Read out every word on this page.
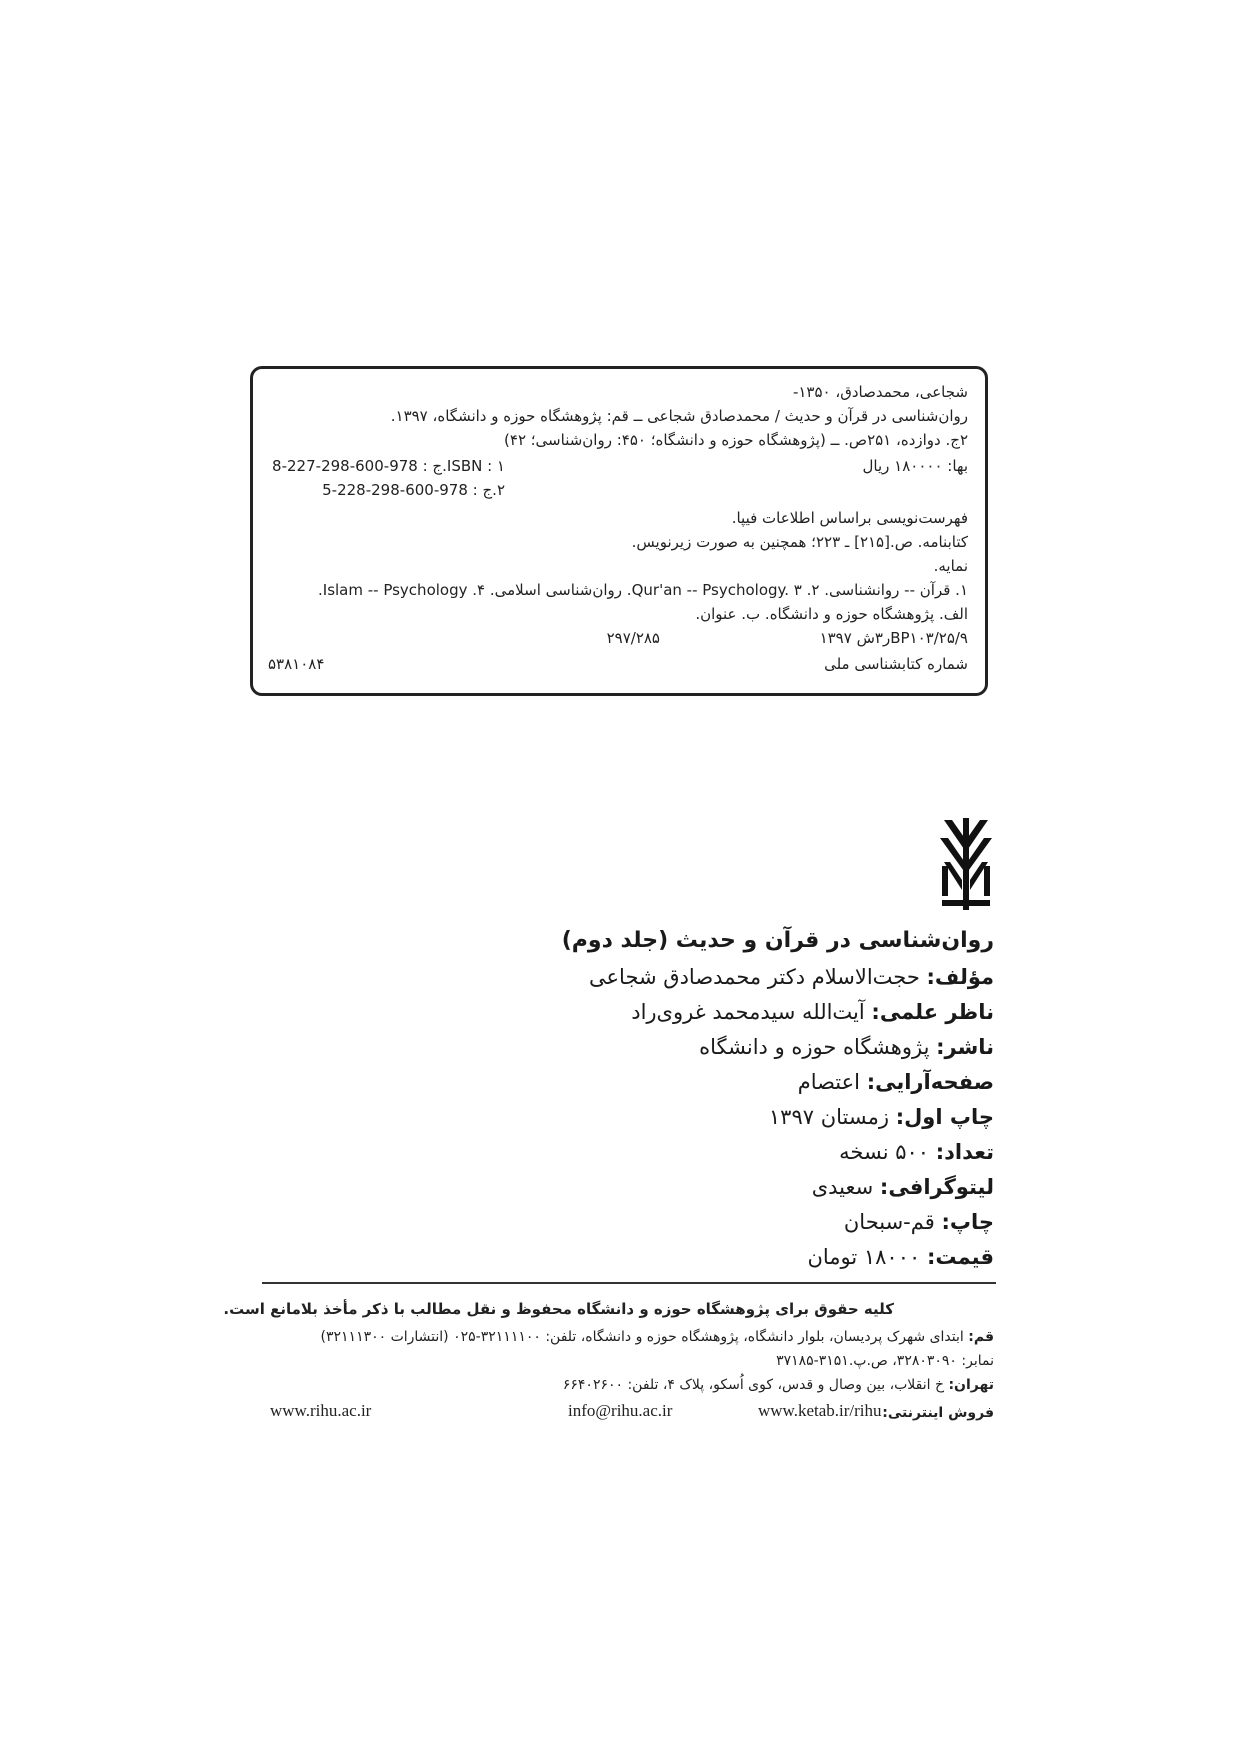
شجاعی، محمدصادق، ۱۳۵۰-
روان‌شناسی در قرآن و حدیث / محمدصادق شجاعی ــ قم: پژوهشگاه حوزه و دانشگاه، ۱۳۹۷.
۲ج. دوازده، ۲۵۱ص. ــ (پژوهشگاه حوزه و دانشگاه؛ ۴۵۰: روان‌شناسی؛ ۴۲)
بها: ۱۸۰۰۰۰ ریال
ISBN : ۱.ج : 978-600-298-227-8
۲.ج : 978-600-298-228-5
فهرست‌نویسی براساس اطلاعات فیپا.
کتابنامه. ص.[۲۱۵] ـ ۲۲۳؛ همچنین به صورت زیرنویس.
نمایه.
۱. قرآن -- روانشناسی. ۲. Qur'an -- Psychology. ۳. روان‌شناسی اسلامی. ۴. Islam -- Psychology.
الف. پژوهشگاه حوزه و دانشگاه. ب. عنوان.
BP۱۰۳/۲۵/۹ر۳ش ۱۳۹۷
۲۹۷/۲۸۵
شماره کتابشناسی ملی
۵۳۸۱۰۸۴
روان‌شناسی در قرآن و حدیث (جلد دوم)
مؤلف: حجت‌الاسلام دکتر محمدصادق شجاعی
ناظر علمی: آیت‌الله سیدمحمد غروی‌راد
ناشر: پژوهشگاه حوزه و دانشگاه
صفحه‌آرایی: اعتصام
چاپ اول: زمستان ۱۳۹۷
تعداد: ۵۰۰ نسخه
لیتوگرافی: سعیدی
چاپ: قم-سبحان
قیمت: ۱۸۰۰۰ تومان
کلیه حقوق برای پژوهشگاه حوزه و دانشگاه محفوظ و نقل مطالب با ذکر مأخذ بلامانع است.
قم: ابتدای شهرک پردیسان، بلوار دانشگاه، پژوهشگاه حوزه و دانشگاه، تلفن: ۳۲۱۱۱۱۰۰-۰۲۵ (انتشارات ۳۲۱۱۱۳۰۰)
نمابر: ۳۲۸۰۳۰۹۰، ص.پ.۳۱۵۱-۳۷۱۸۵
تهران: خ انقلاب، بین وصال و قدس، کوی اُسکو، پلاک ۴، تلفن: ۶۶۴۰۲۶۰۰
فروش اینترنتی:
www.ketab.ir/rihu
info@rihu.ac.ir
www.rihu.ac.ir
